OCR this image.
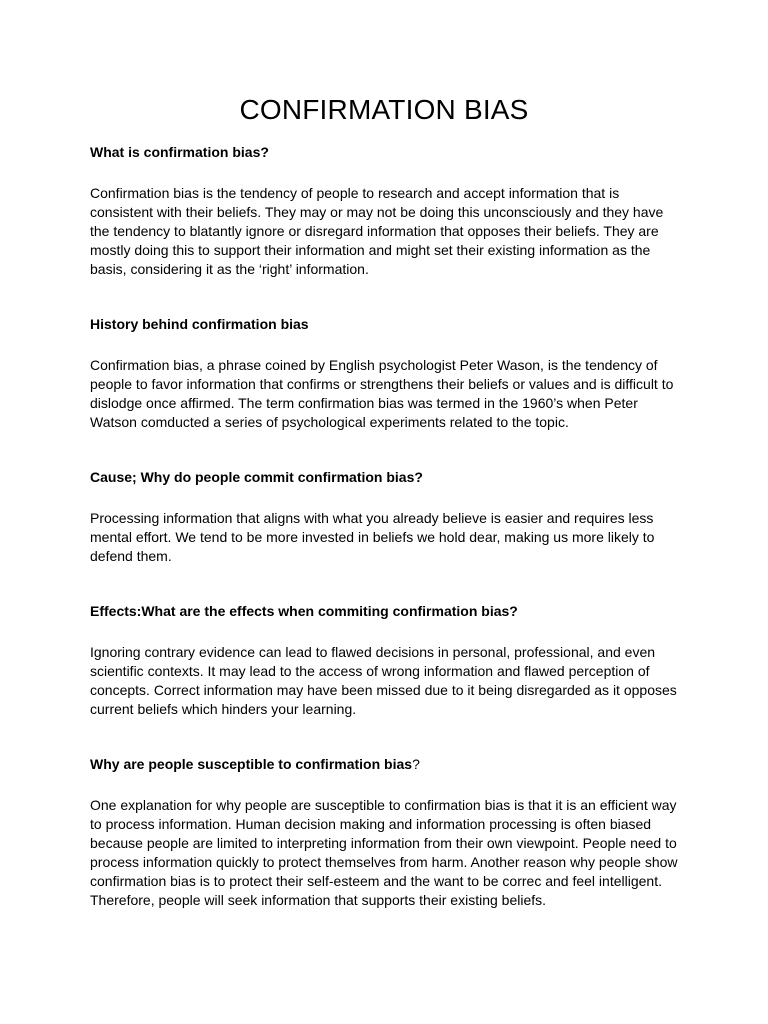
CONFIRMATION BIAS
What is confirmation bias?

Confirmation bias is the tendency of people to research and accept information that is consistent with their beliefs. They may or may not be doing this unconsciously and they have the tendency to blatantly ignore or disregard information that opposes their beliefs. They are mostly doing this to support their information and might set their existing information as the basis, considering it as the ‘right’ information.

History behind confirmation bias

Confirmation bias, a phrase coined by English psychologist Peter Wason, is the tendency of people to favor information that confirms or strengthens their beliefs or values and is difficult to dislodge once affirmed. The term confirmation bias was termed in the 1960’s when Peter Watson comducted a series of psychological experiments related to the topic.

Cause; Why do people commit confirmation bias?

Processing information that aligns with what you already believe is easier and requires less mental effort. We tend to be more invested in beliefs we hold dear, making us more likely to defend them.

Effects:What are the effects when commiting confirmation bias?

Ignoring contrary evidence can lead to flawed decisions in personal, professional, and even scientific contexts. It may lead to the access of wrong information and flawed perception of concepts. Correct information may have been missed due to it being disregarded as it opposes current beliefs which hinders your learning.

Why are people susceptible to confirmation bias?

One explanation for why people are susceptible to confirmation bias is that it is an efficient way to process information. Human decision making and information processing is often biased because people are limited to interpreting information from their own viewpoint. People need to process information quickly to protect themselves from harm. Another reason why people show confirmation bias is to protect their self-esteem and the want to be correc and feel intelligent. Therefore, people will seek information that supports their existing beliefs.
